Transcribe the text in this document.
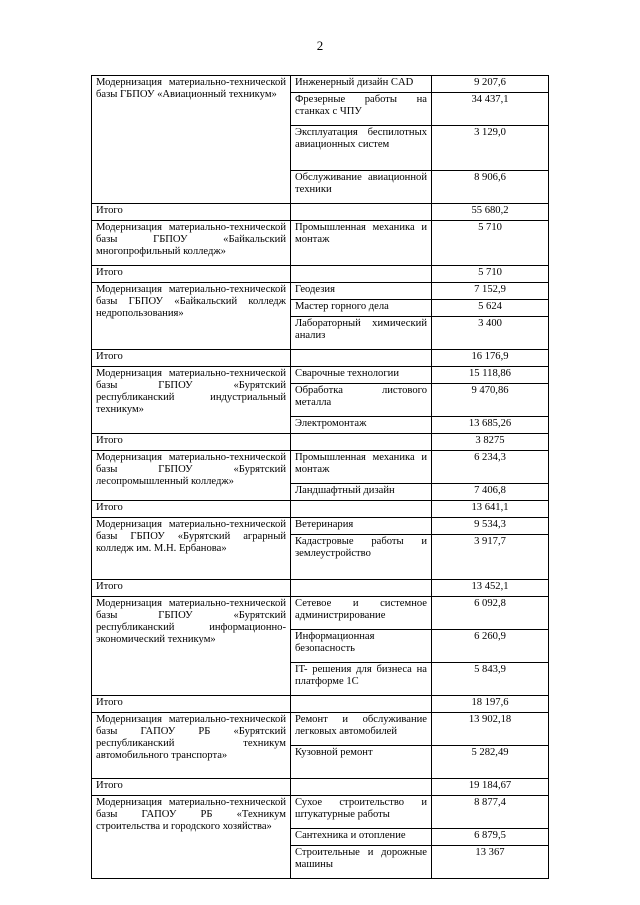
2
Модернизация материально-технической базы ГБПОУ «Авиационный техникум»	Инженерный дизайн CAD	9 207,6
	Фрезерные работы на станках с ЧПУ	34 437,1
	Эксплуатация беспилотных авиационных систем	3 129,0
	Обслуживание авиационной техники	8 906,6
Итого		55 680,2
Модернизация материально-технической базы ГБПОУ «Байкальский многопрофильный колледж»	Промышленная механика и монтаж	5 710
Итого		5 710
Модернизация материально-технической базы ГБПОУ «Байкальский колледж недропользования»	Геодезия	7 152,9
	Мастер горного дела	5 624
	Лабораторный химический анализ	3 400
Итого		16 176,9
Модернизация материально-технической базы ГБПОУ «Бурятский республиканский индустриальный техникум»	Сварочные технологии	15 118,86
	Обработка листового металла	9 470,86
	Электромонтаж	13 685,26
Итого		3 8275
Модернизация материально-технической базы ГБПОУ «Бурятский лесопромышленный колледж»	Промышленная механика и монтаж	6 234,3
	Ландшафтный дизайн	7 406,8
Итого		13 641,1
Модернизация материально-технической базы ГБПОУ «Бурятский аграрный колледж им. М.Н. Ербанова»	Ветеринария	9 534,3
	Кадастровые работы и землеустройство	3 917,7
Итого		13 452,1
Модернизация материально-технической базы ГБПОУ «Бурятский республиканский информационно-экономический техникум»	Сетевое и системное администрирование	6 092,8
	Информационная безопасность	6 260,9
	IT- решения для бизнеса на платформе 1С	5 843,9
Итого		18 197,6
Модернизация материально-технической базы ГАПОУ РБ «Бурятский республиканский техникум автомобильного транспорта»	Ремонт и обслуживание легковых автомобилей	13 902,18
	Кузовной ремонт	5 282,49
Итого		19 184,67
Модернизация материально-технической базы ГАПОУ РБ «Техникум строительства и городского хозяйства»	Сухое строительство и штукатурные работы	8 877,4
	Сантехника и отопление	6 879,5
	Строительные и дорожные машины	13 367
